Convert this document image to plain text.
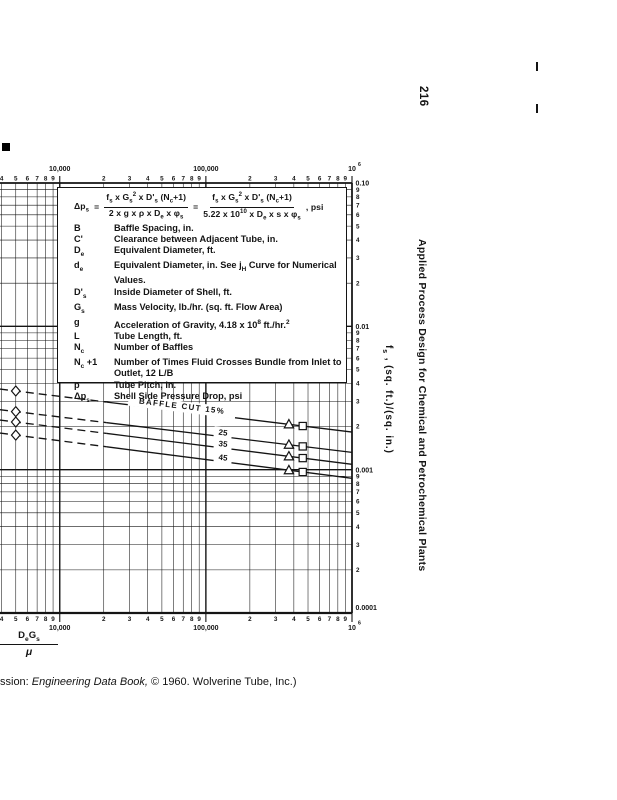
4
4
5
5
6
6
7
7
8
8
9
9
2
2
3
3
4
4
5
5
6
6
7
7
8
8
9
9
2
2
3
3
4
4
5
5
6
6
7
7
8
8
9
9
2
3
4
5
6
7
8
9
2
3
4
5
6
7
8
9
2
3
4
5
6
7
8
9
10,000
10,000
100,000
100,000
10
6
10
6
0.10
0.01
0.001
0.0001
BAFFLE CUT 15%
25
35
45
$\Delta p_s = \frac{f_s x G_s^2 x D'_s (N_c+1)}{2 x g x \rho x D_e x \varphi_s} = \frac{f_s x G_s^2 x D'_s (N_c+1)}{5.22 x 10^{10} x D_e x s x \varphi_s}$ , psi
B	Baffle Spacing, in.
C'	Clearance between Adjacent Tube, in.
$D_e$	Equivalent Diameter, ft.
$d_e$	Equivalent Diameter, in. See $j_H$ Curve for Numerical Values.
$D'_s$	Inside Diameter of Shell, ft.
$G_s$	Mass Velocity, lb./hr. (sq. ft. Flow Area)
g	Acceleration of Gravity, 4.18 x $10^8$ ft./hr.$^2$
L	Tube Length, ft.
$N_c$	Number of Baffles
$N_c +1$	Number of Times Fluid Crosses Bundle from Inlet to Outlet, 12 L/B
p	Tube Pitch, in.
$\Delta p_s$	Shell Side Pressure Drop, psi
216
Applied Process Design for Chemical and Petrochemical Plants
$f_s$ , (sq. ft.)/(sq. in.)
$D_eG_s$
μ
ssion: Engineering Data Book, © 1960. Wolverine Tube, Inc.)
